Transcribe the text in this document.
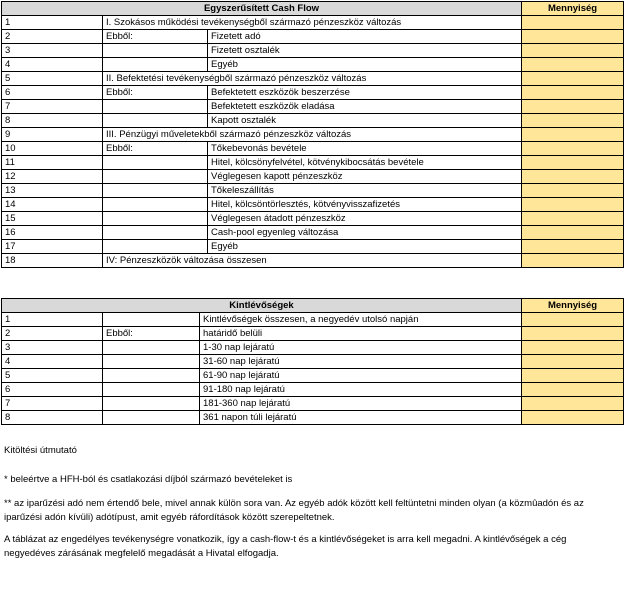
Egyszerűsített Cash Flow			Mennyiség
1	I. Szokásos működési tevékenységből származó pénzeszköz változás		
2	Ebből:	Fizetett adó	
3		Fizetett osztalék	
4		Egyéb	
5	II. Befektetési tevékenységből származó pénzeszköz változás		
6	Ebből:	Befektetett eszközök beszerzése	
7		Befektetett eszközök eladása	
8		Kapott osztalék	
9	III. Pénzügyi műveletekből származó pénzeszköz változás		
10	Ebből:	Tőkebevonás bevétele	
11		Hitel, kölcsönyfelvétel, kötvénykibocsátás bevétele	
12		Véglegesen kapott pénzeszköz	
13		Tőkeleszállítás	
14		Hitel, kölcsöntörlesztés, kötvényvisszafizetés	
15		Véglegesen átadott pénzeszköz	
16		Cash-pool egyenleg változása	
17		Egyéb	
18	IV: Pénzeszközök változása összesen		
Kintlévőségek			Mennyiség
1		Kintlévőségek összesen, a negyedév utolsó napján	
2	Ebből:	határidő belüli	
3		1-30 nap lejáratú	
4		31-60 nap lejáratú	
5		61-90 nap lejáratú	
6		91-180 nap lejáratú	
7		181-360 nap lejáratú	
8		361 napon túli lejáratú	
Kitöltési útmutató
* beleértve a HFH-ból és csatlakozási díjból származó bevételeket is
** az iparűzési adó nem értendő bele, mivel annak külön sora van. Az egyéb adók között kell feltüntetni minden olyan (a közmûadón és az iparűzési adón kívüli) adótípust, amit egyéb ráfordítások között szerepeltetnek.
A táblázat az engedélyes tevékenységre vonatkozik, így a cash-flow-t és a kintlévőségeket is arra kell megadni. A kintlévőségek a cég negyedéves zárásának megfelelő megadását a Hivatal elfogadja.
